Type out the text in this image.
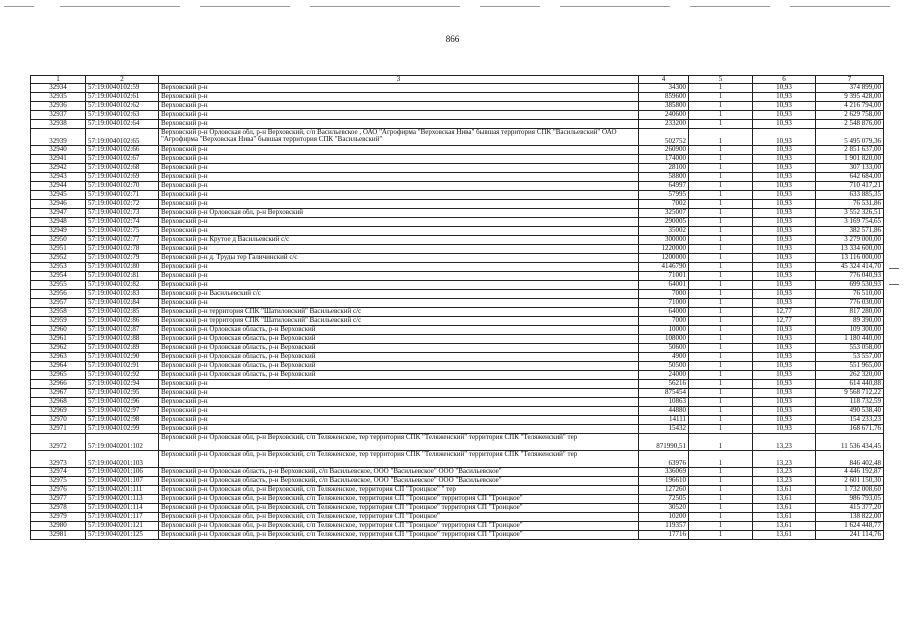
866
1	2	3	4	5	6	7
32934	57:19:0040102:59	Верховский р-н	34300	1	10,93	374 899,00
32935	57:19:0040102:61	Верховский р-н	859600	1	10,93	9 395 428,00
32936	57:19:0040102:62	Верховский р-н	385800	1	10,93	4 216 794,00
32937	57:19:0040102:63	Верховский р-н	240600	1	10,93	2 629 758,00
32938	57:19:0040102:64	Верховский р-н	233200	1	10,93	2 548 876,00
32939	57:19:0040102:65	Верховский р-н Орловская обл, р-н Верховский, с/п Васильевское , ОАО "Агрофирма "Верховская Нива" бывшая территория СПК "Васильевский" ОАО "Агрофирма "Верховская Нива" бывшая территория СПК "Васильевский"	502752	1	10,93	5 495 079,36
32940	57:19:0040102:66	Верховский р-н	260900	1	10,93	2 851 637,00
32941	57:19:0040102:67	Верховский р-н	174000	1	10,93	1 901 820,00
32942	57:19:0040102:68	Верховский р-н	28100	1	10,93	307 133,00
32943	57:19:0040102:69	Верховский р-н	58800	1	10,93	642 684,00
32944	57:19:0040102:70	Верховский р-н	64997	1	10,93	710 417,21
32945	57:19:0040102:71	Верховский р-н	57995	1	10,93	633 885,35
32946	57:19:0040102:72	Верховский р-н	7002	1	10,93	76 531,86
32947	57:19:0040102:73	Верховский р-н Орловская обл, р-н Верховский	325007	1	10,93	3 552 326,51
32948	57:19:0040102:74	Верховский р-н	290005	1	10,93	3 169 754,65
32949	57:19:0040102:75	Верховский р-н	35002	1	10,93	382 571,86
32950	57:19:0040102:77	Верховский р-н Крутое д Васильевский с/с	300000	1	10,93	3 279 000,00
32951	57:19:0040102:78	Верховский р-н	1220000	1	10,93	13 334 600,00
32952	57:19:0040102:79	Верховский р-н д. Труды тер Галичинский с/с	1200000	1	10,93	13 116 000,00
32953	57:19:0040102:80	Верховский р-н	4146790	1	10,93	45 324 414,70
32954	57:19:0040102:81	Верховский р-н	71001	1	10,93	776 040,93
32955	57:19:0040102:82	Верховский р-н	64001	1	10,93	699 530,93
32956	57:19:0040102:83	Верховский р-н Васильевский с/с	7000	1	10,93	76 510,00
32957	57:19:0040102:84	Верховский р-н	71000	1	10,93	776 030,00
32958	57:19:0040102:85	Верховский р-н территория СПК "Шатиловский" Васильевский с/с	64000	1	12,77	817 280,00
32959	57:19:0040102:86	Верховский р-н территория СПК "Шатиловский" Васильевский с/с	7000	1	12,77	89 390,00
32960	57:19:0040102:87	Верховский р-н Орловская область, р-н Верховский	10000	1	10,93	109 300,00
32961	57:19:0040102:88	Верховский р-н Орловская область, р-н Верховский	108000	1	10,93	1 180 440,00
32962	57:19:0040102:89	Верховский р-н Орловская область, р-н Верховский	50600	1	10,93	553 058,00
32963	57:19:0040102:90	Верховский р-н Орловская область, р-н Верховский	4900	1	10,93	53 557,00
32964	57:19:0040102:91	Верховский р-н Орловская область, р-н Верховский	50500	1	10,93	551 965,00
32965	57:19:0040102:92	Верховский р-н Орловская область, р-н Верховский	24000	1	10,93	262 320,00
32966	57:19:0040102:94	Верховский р-н	56216	1	10,93	614 440,88
32967	57:19:0040102:95	Верховский р-н	875454	1	10,93	9 568 712,22
32968	57:19:0040102:96	Верховский р-н	10863	1	10,93	118 732,59
32969	57:19:0040102:97	Верховский р-н	44880	1	10,93	490 538,40
32970	57:19:0040102:98	Верховский р-н	14111	1	10,93	154 233,23
32971	57:19:0040102:99	Верховский р-н	15432	1	10,93	168 671,76
32972	57:19:0040201:102	Верховский р-н Орловская обл, р-н Верховский, с/п Теляженское, тер территория СПК "Теляженский" территория СПК "Теляженский" тер	871990,51	1	13,23	11 536 434,45
32973	57:19:0040201:103	Верховский р-н Орловская обл, р-н Верховский, с/п Теляженское, тер территория СПК "Теляженский" территория СПК "Теляженский" тер	63976	1	13,23	846 402,48
32974	57:19:0040201:106	Верховский р-н Орловская область, р-н Верховский, с/п Васильевское, ООО "Васильевское" ООО "Васильевское"	336069	1	13,23	4 446 192,87
32975	57:19:0040201:107	Верховский р-н Орловская область, р-н Верховский, с/п Васильевское, ООО "Васильевское" ООО "Васильевское"	196610	1	13,23	2 601 150,30
32976	57:19:0040201:111	Верховский р-н Орловская обл, р-н Верховский, с/п Теляженское, территория СП "Троицкое" " тер	127260	1	13,61	1 732 008,60
32977	57:19:0040201:113	Верховский р-н Орловская обл, р-н Верховский, с/п Теляженское, территория СП "Троицкое" территория СП "Троицкое"	72505	1	13,61	986 793,05
32978	57:19:0040201:114	Верховский р-н Орловская обл, р-н Верховский, с/п Теляженское, территория СП "Троицкое" территория СП "Троицкое"	30520	1	13,61	415 377,20
32979	57:19:0040201:117	Верховский р-н Орловская обл, р-н Верховский, с/п Теляженское, территория СП "Троицкое"	10200	1	13,61	138 822,00
32980	57:19:0040201:121	Верховский р-н Орловская обл, р-н Верховский, с/п Теляженское, территория СП "Троицкое" территория СП "Троицкое"	119357	1	13,61	1 624 448,77
32981	57:19:0040201:125	Верховский р-н Орловская обл, р-н Верховский, с/п Теляженское, территория СП "Троицкое" территория СП "Троицкое"	17716	1	13,61	241 114,76
